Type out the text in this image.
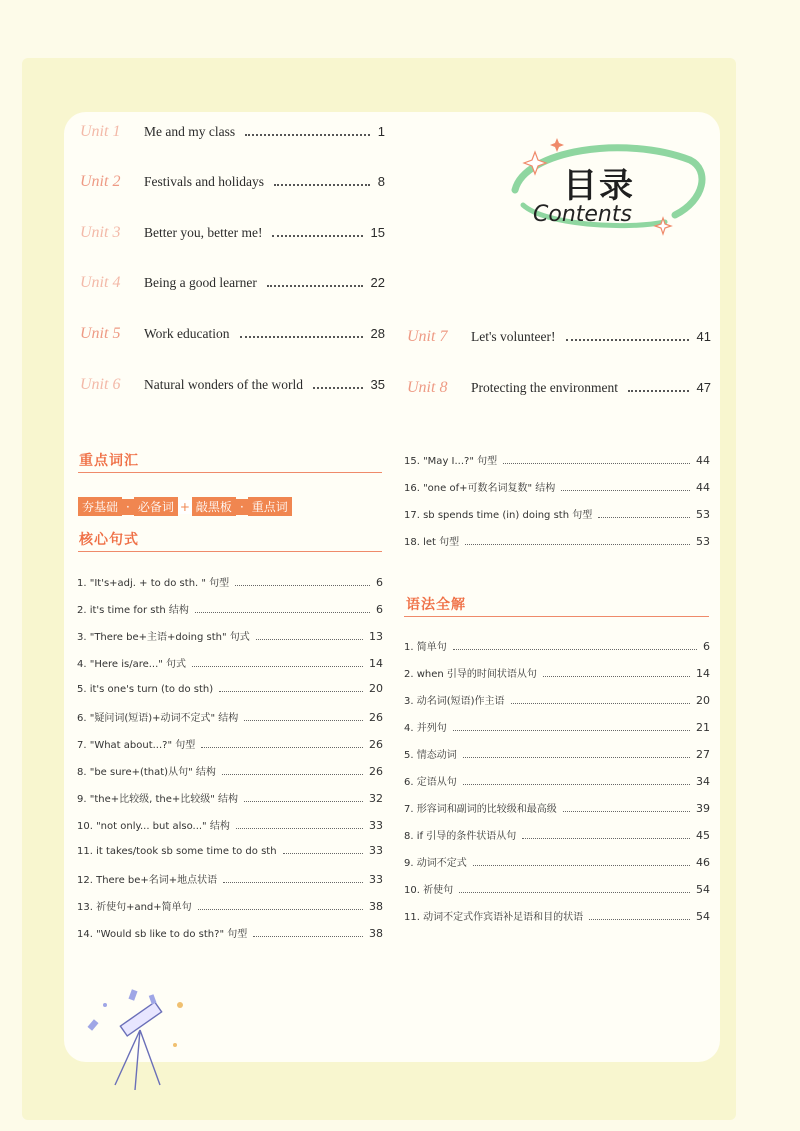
目录
Contents
Unit 1	Me and my class	1
Unit 2	Festivals and holidays	8
Unit 3	Better you, better me!	15
Unit 4	Being a good learner	22
Unit 5	Work education	28
Unit 6	Natural wonders of the world	35
Unit 7	Let's volunteer!	41
Unit 8	Protecting the environment	47
重点词汇
夯基础 · 必备词 + 敲黑板 · 重点词
核心句式
1. "It's+adj. + to do sth. " 句型	6
2. it's time for sth 结构	6
3. "There be+主语+doing sth" 句式	13
4. "Here is/are..." 句式	14
5. it's one's turn (to do sth)	20
6. "疑问词(短语)+动词不定式" 结构	26
7. "What about...?" 句型	26
8. "be sure+(that)从句" 结构	26
9. "the+比较级, the+比较级" 结构	32
10. "not only... but also..." 结构	33
11. it takes/took sb some time to do sth	33
12. There be+名词+地点状语	33
13. 祈使句+and+简单句	38
14. "Would sb like to do sth?" 句型	38
15. "May I...?" 句型	44
16. "one of+可数名词复数" 结构	44
17. sb spends time (in) doing sth 句型	53
18. let 句型	53
语法全解
1. 简单句	6
2. when 引导的时间状语从句	14
3. 动名词(短语)作主语	20
4. 并列句	21
5. 情态动词	27
6. 定语从句	34
7. 形容词和副词的比较级和最高级	39
8. if 引导的条件状语从句	45
9. 动词不定式	46
10. 祈使句	54
11. 动词不定式作宾语补足语和目的状语	54
